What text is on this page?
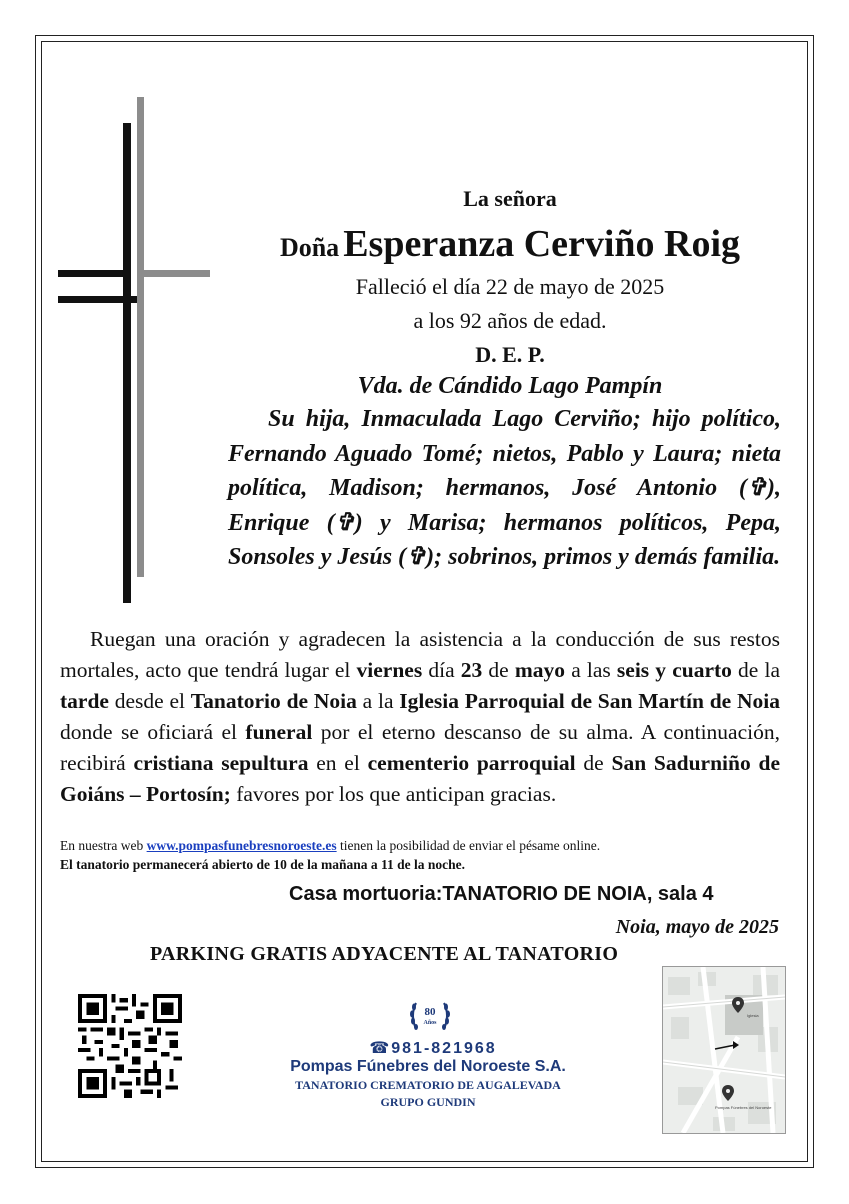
La señora
Doña Esperanza Cerviño Roig
Falleció el día 22 de mayo de 2025
a los 92 años de edad.
D. E. P.
Vda. de Cándido Lago Pampín
Su hija, Inmaculada Lago Cerviño; hijo político, Fernando Aguado Tomé; nietos, Pablo y Laura; nieta política, Madison; hermanos, José Antonio (✞), Enrique (✞) y Marisa; hermanos políticos, Pepa, Sonsoles y Jesús (✞); sobrinos, primos y demás familia.
Ruegan una oración y agradecen la asistencia a la conducción de sus restos mortales, acto que tendrá lugar el viernes día 23 de mayo a las seis y cuarto de la tarde desde el Tanatorio de Noia a la Iglesia Parroquial de San Martín de Noia donde se oficiará el funeral por el eterno descanso de su alma. A continuación, recibirá cristiana sepultura en el cementerio parroquial de San Sadurniño de Goiáns – Portosín; favores por los que anticipan gracias.
En nuestra web www.pompasfunebresnoroeste.es tienen la posibilidad de enviar el pésame online.
El tanatorio permanecerá abierto de 10 de la mañana a 11 de la noche.
Casa mortuoria:TANATORIO DE NOIA, sala 4
Noia, mayo de 2025
PARKING GRATIS ADYACENTE AL TANATORIO
80
Años
☎981-821968
Pompas Fúnebres del Noroeste S.A.
TANATORIO CREMATORIO DE AUGALEVADA
GRUPO GUNDIN
Iglesia
Pompas Fúnebres del Noroeste
